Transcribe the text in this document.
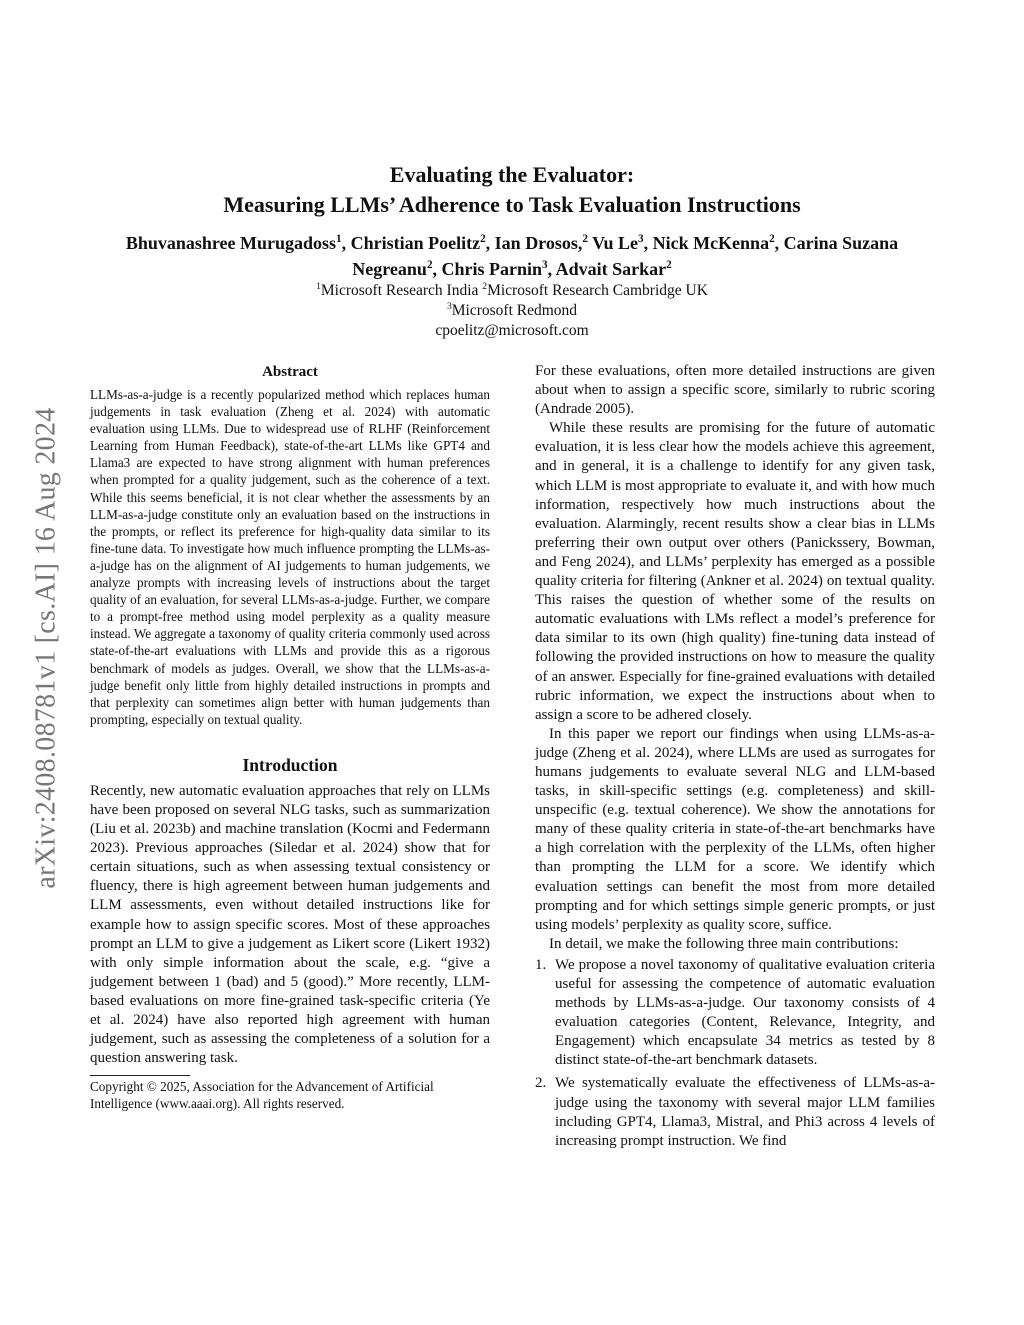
arXiv:2408.08781v1 [cs.AI] 16 Aug 2024
Evaluating the Evaluator:
Measuring LLMs’ Adherence to Task Evaluation Instructions
Bhuvanashree Murugadoss$^1$, Christian Poelitz$^2$, Ian Drosos,$^2$ Vu Le$^3$, Nick McKenna$^2$, Carina Suzana Negreanu$^2$, Chris Parnin$^3$, Advait Sarkar$^2$
$^1$Microsoft Research India $^2$Microsoft Research Cambridge UK
$^3$Microsoft Redmond
cpoelitz@microsoft.com
Abstract

LLMs-as-a-judge is a recently popularized method which replaces human judgements in task evaluation (Zheng et al. 2024) with automatic evaluation using LLMs. Due to widespread use of RLHF (Reinforcement Learning from Human Feedback), state-of-the-art LLMs like GPT4 and Llama3 are expected to have strong alignment with human preferences when prompted for a quality judgement, such as the coherence of a text. While this seems beneficial, it is not clear whether the assessments by an LLM-as-a-judge constitute only an evaluation based on the instructions in the prompts, or reflect its preference for high-quality data similar to its fine-tune data. To investigate how much influence prompting the LLMs-as-a-judge has on the alignment of AI judgements to human judgements, we analyze prompts with increasing levels of instructions about the target quality of an evaluation, for several LLMs-as-a-judge. Further, we compare to a prompt-free method using model perplexity as a quality measure instead. We aggregate a taxonomy of quality criteria commonly used across state-of-the-art evaluations with LLMs and provide this as a rigorous benchmark of models as judges. Overall, we show that the LLMs-as-a-judge benefit only little from highly detailed instructions in prompts and that perplexity can sometimes align better with human judgements than prompting, especially on textual quality.

Introduction

Recently, new automatic evaluation approaches that rely on LLMs have been proposed on several NLG tasks, such as summarization (Liu et al. 2023b) and machine translation (Kocmi and Federmann 2023). Previous approaches (Siledar et al. 2024) show that for certain situations, such as when assessing textual consistency or fluency, there is high agreement between human judgements and LLM assessments, even without detailed instructions like for example how to assign specific scores. Most of these approaches prompt an LLM to give a judgement as Likert score (Likert 1932) with only simple information about the scale, e.g. “give a judgement between 1 (bad) and 5 (good).” More recently, LLM-based evaluations on more fine-grained task-specific criteria (Ye et al. 2024) have also reported high agreement with human judgement, such as assessing the completeness of a solution for a question answering task.

Copyright © 2025, Association for the Advancement of Artificial Intelligence (www.aaai.org). All rights reserved.

For these evaluations, often more detailed instructions are given about when to assign a specific score, similarly to rubric scoring (Andrade 2005).

While these results are promising for the future of automatic evaluation, it is less clear how the models achieve this agreement, and in general, it is a challenge to identify for any given task, which LLM is most appropriate to evaluate it, and with how much information, respectively how much instructions about the evaluation. Alarmingly, recent results show a clear bias in LLMs preferring their own output over others (Panickssery, Bowman, and Feng 2024), and LLMs’ perplexity has emerged as a possible quality criteria for filtering (Ankner et al. 2024) on textual quality. This raises the question of whether some of the results on automatic evaluations with LMs reflect a model’s preference for data similar to its own (high quality) fine-tuning data instead of following the provided instructions on how to measure the quality of an answer. Especially for fine-grained evaluations with detailed rubric information, we expect the instructions about when to assign a score to be adhered closely.

In this paper we report our findings when using LLMs-as-a-judge (Zheng et al. 2024), where LLMs are used as surrogates for humans judgements to evaluate several NLG and LLM-based tasks, in skill-specific settings (e.g. completeness) and skill-unspecific (e.g. textual coherence). We show the annotations for many of these quality criteria in state-of-the-art benchmarks have a high correlation with the perplexity of the LLMs, often higher than prompting the LLM for a score. We identify which evaluation settings can benefit the most from more detailed prompting and for which settings simple generic prompts, or just using models’ perplexity as quality score, suffice.

In detail, we make the following three main contributions:

1. We propose a novel taxonomy of qualitative evaluation criteria useful for assessing the competence of automatic evaluation methods by LLMs-as-a-judge. Our taxonomy consists of 4 evaluation categories (Content, Relevance, Integrity, and Engagement) which encapsulate 34 metrics as tested by 8 distinct state-of-the-art benchmark datasets.
2. We systematically evaluate the effectiveness of LLMs-as-a-judge using the taxonomy with several major LLM families including GPT4, Llama3, Mistral, and Phi3 across 4 levels of increasing prompt instruction. We find
